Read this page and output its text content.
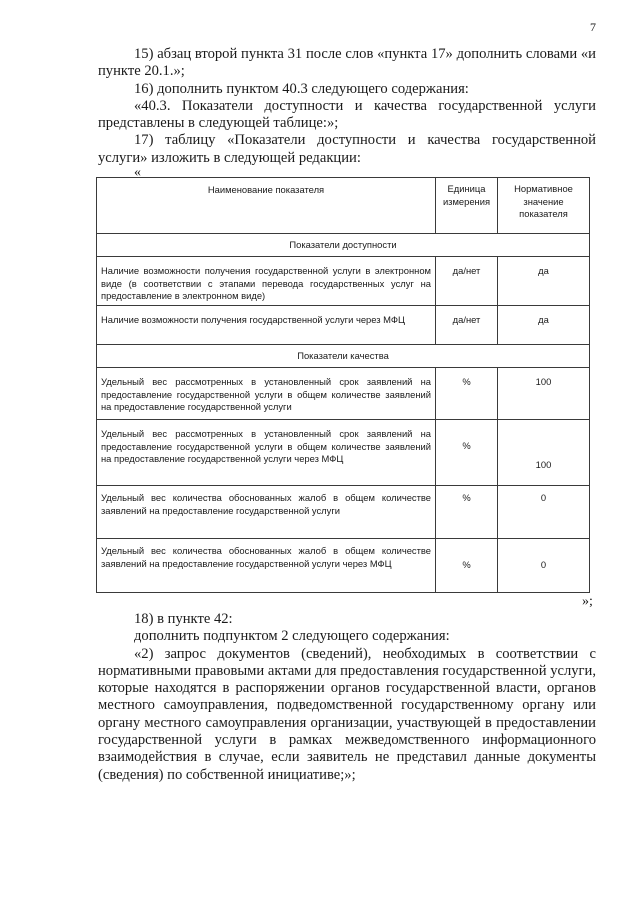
7

15) абзац второй пункта 31 после слов «пункта 17» дополнить словами «и пункте 20.1.»;

16) дополнить пунктом 40.3 следующего содержания:

«40.3. Показатели доступности и качества государственной услуги представлены в следующей таблице:»;

17) таблицу «Показатели доступности и качества государственной услуги» изложить в следующей редакции:

«
Наименование показателя	Единица измерения	Нормативное значение показателя
Показатели доступности		
Наличие возможности получения государственной услуги в электронном виде (в соответствии с этапами перевода государственных услуг на предоставление в электронном виде)	да/нет	да
Наличие возможности получения государственной услуги через МФЦ	да/нет	да
Показатели качества		
Удельный вес рассмотренных в установленный срок заявлений на предоставление государственной услуги в общем количестве заявлений на предоставление государственной услуги	%	100
Удельный вес рассмотренных в установленный срок заявлений на предоставление государственной услуги в общем количестве заявлений на предоставление государственной услуги через МФЦ	%	100
Удельный вес количества обоснованных жалоб в общем количестве заявлений на предоставление государственной услуги	%	0
Удельный вес количества обоснованных жалоб в общем количестве заявлений на предоставление государственной услуги через МФЦ	%	0
»;

18) в пункте 42:

дополнить подпунктом 2 следующего содержания:

«2) запрос документов (сведений), необходимых в соответствии с нормативными правовыми актами для предоставления государственной услуги, которые находятся в распоряжении органов государственной власти, органов местного самоуправления, подведомственной государственному органу или органу местного самоуправления организации, участвующей в предоставлении государственной услуги в рамках межведомственного информационного взаимодействия в случае, если заявитель не представил данные документы (сведения) по собственной инициативе;»;
